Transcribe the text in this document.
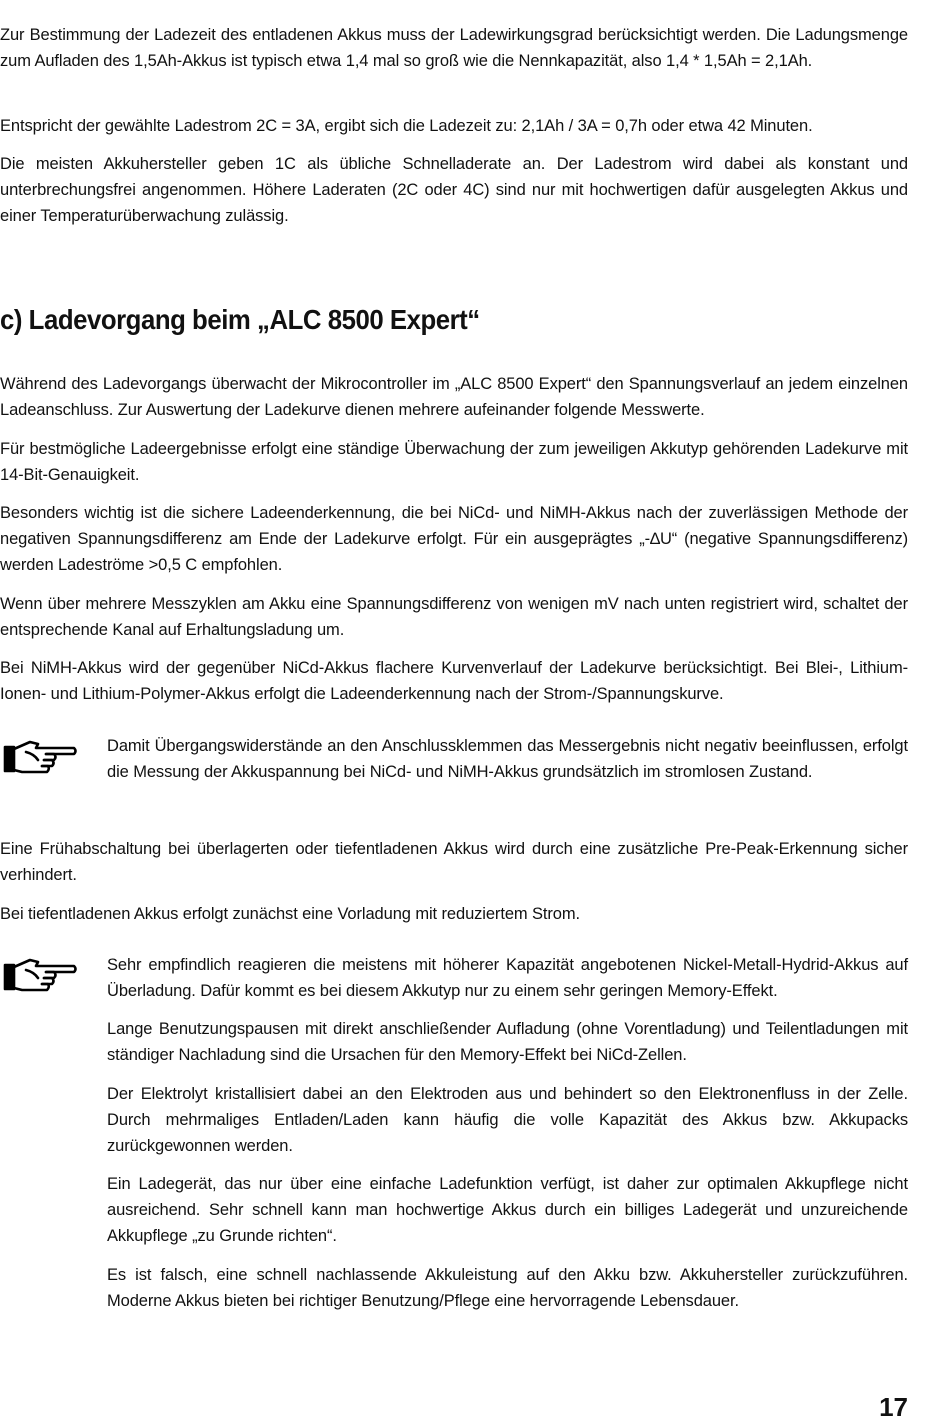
Zur Bestimmung der Ladezeit des entladenen Akkus muss der Ladewirkungsgrad berücksichtigt werden. Die Ladungsmenge zum Aufladen des 1,5Ah-Akkus ist typisch etwa 1,4 mal so groß wie die Nennkapazität, also 1,4 * 1,5Ah = 2,1Ah.
Entspricht der gewählte Ladestrom 2C = 3A, ergibt sich die Ladezeit zu: 2,1Ah / 3A = 0,7h oder etwa 42 Minuten.
Die meisten Akkuhersteller geben 1C als übliche Schnelladerate an. Der Ladestrom wird dabei als konstant und unterbrechungsfrei angenommen. Höhere Laderaten (2C oder 4C) sind nur mit hochwertigen dafür ausgelegten Akkus und einer Temperaturüberwachung zulässig.
c) Ladevorgang beim „ALC 8500 Expert“
Während des Ladevorgangs überwacht der Mikrocontroller im „ALC 8500 Expert“ den Spannungsverlauf an jedem einzelnen Ladeanschluss. Zur Auswertung der Ladekurve dienen mehrere aufeinander folgende Messwerte.
Für bestmögliche Ladeergebnisse erfolgt eine ständige Überwachung der zum jeweiligen Akkutyp gehörenden Ladekurve mit 14-Bit-Genauigkeit.
Besonders wichtig ist die sichere Ladeenderkennung, die bei NiCd- und NiMH-Akkus nach der zuverlässigen Methode der negativen Spannungsdifferenz am Ende der Ladekurve erfolgt. Für ein ausgeprägtes „-∆U“ (negative Spannungsdifferenz) werden Ladeströme >0,5 C empfohlen.
Wenn über mehrere Messzyklen am Akku eine Spannungsdifferenz von wenigen mV nach unten registriert wird, schaltet der entsprechende Kanal auf Erhaltungsladung um.
Bei NiMH-Akkus wird der gegenüber NiCd-Akkus flachere Kurvenverlauf der Ladekurve berücksichtigt. Bei Blei-, Lithium-Ionen- und Lithium-Polymer-Akkus erfolgt die Ladeenderkennung nach der Strom-/Spannungskurve.
Damit Übergangswiderstände an den Anschlussklemmen das Messergebnis nicht negativ beeinflussen, erfolgt die Messung der Akkuspannung bei NiCd- und NiMH-Akkus grundsätzlich im stromlosen Zustand.
Eine Frühabschaltung bei überlagerten oder tiefentladenen Akkus wird durch eine zusätzliche Pre-Peak-Erkennung sicher verhindert.
Bei tiefentladenen Akkus erfolgt zunächst eine Vorladung mit reduziertem Strom.
Sehr empfindlich reagieren die meistens mit höherer Kapazität angebotenen Nickel-Metall-Hydrid-Akkus auf Überladung. Dafür kommt es bei diesem Akkutyp nur zu einem sehr geringen Memory-Effekt.
Lange Benutzungspausen mit direkt anschließender Aufladung (ohne Vorentladung) und Teilentladungen mit ständiger Nachladung sind die Ursachen für den Memory-Effekt bei NiCd-Zellen.
Der Elektrolyt kristallisiert dabei an den Elektroden aus und behindert so den Elektronenfluss in der Zelle. Durch mehrmaliges Entladen/Laden kann häufig die volle Kapazität des Akkus bzw. Akkupacks zurückgewonnen werden.
Ein Ladegerät, das nur über eine einfache Ladefunktion verfügt, ist daher zur optimalen Akkupflege nicht ausreichend. Sehr schnell kann man hochwertige Akkus durch ein billiges Ladegerät und unzureichende Akkupflege „zu Grunde richten“.
Es ist falsch, eine schnell nachlassende Akkuleistung auf den Akku bzw. Akkuhersteller zurückzuführen. Moderne Akkus bieten bei richtiger Benutzung/Pflege eine hervorragende Lebensdauer.
17
